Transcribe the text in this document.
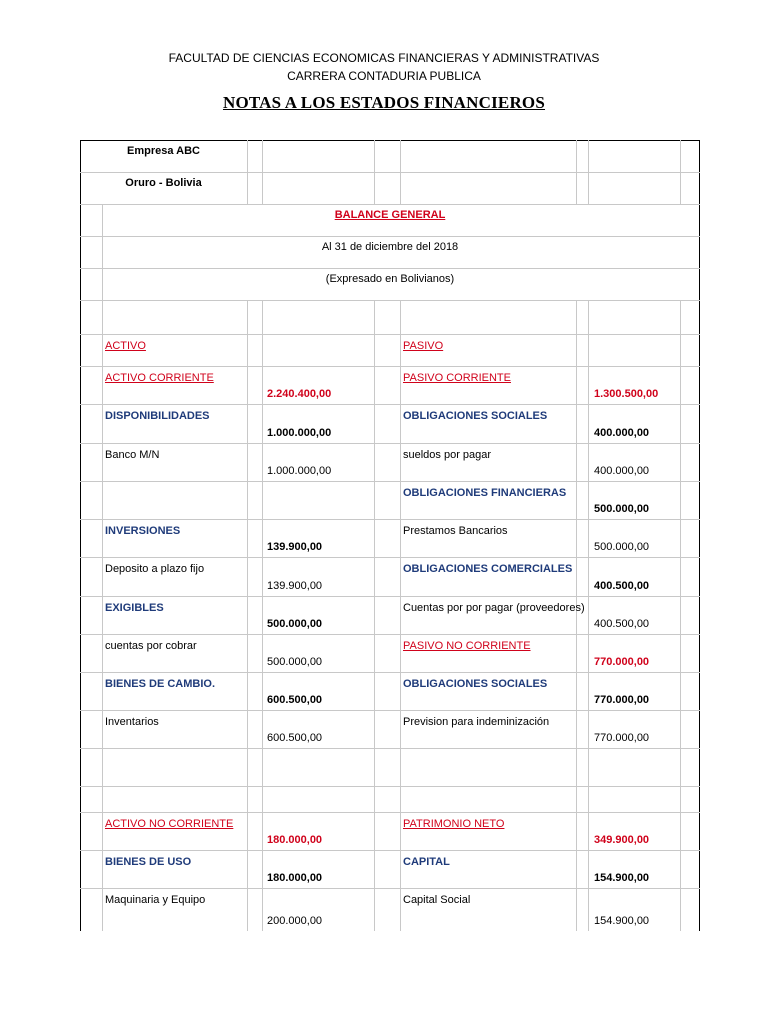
FACULTAD DE CIENCIAS ECONOMICAS FINANCIERAS Y ADMINISTRATIVAS
CARRERA CONTADURIA PUBLICA
NOTAS A LOS ESTADOS FINANCIEROS
Empresa ABC
Oruro - Bolivia
BALANCE GENERAL
Al 31 de diciembre del 2018
(Expresado en Bolivianos)
ACTIVO	PASIVO
ACTIVO CORRIENTE
2.240.400,00
PASIVO CORRIENTE
1.300.500,00
DISPONIBILIDADES
1.000.000,00
OBLIGACIONES SOCIALES
400.000,00
Banco M/N
1.000.000,00
sueldos por pagar
400.000,00
OBLIGACIONES FINANCIERAS
500.000,00
INVERSIONES
139.900,00
Prestamos Bancarios
500.000,00
Deposito a plazo fijo
139.900,00
OBLIGACIONES COMERCIALES
400.500,00
EXIGIBLES
500.000,00
Cuentas por por pagar (proveedores)
400.500,00
cuentas por cobrar
500.000,00
PASIVO NO CORRIENTE
770.000,00
BIENES DE CAMBIO.
600.500,00
OBLIGACIONES SOCIALES
770.000,00
Inventarios
600.500,00
Prevision para indeminización
770.000,00
ACTIVO NO CORRIENTE
180.000,00
PATRIMONIO NETO
349.900,00
BIENES DE USO
180.000,00
CAPITAL
154.900,00
Maquinaria y Equipo
200.000,00
Capital Social
154.900,00
